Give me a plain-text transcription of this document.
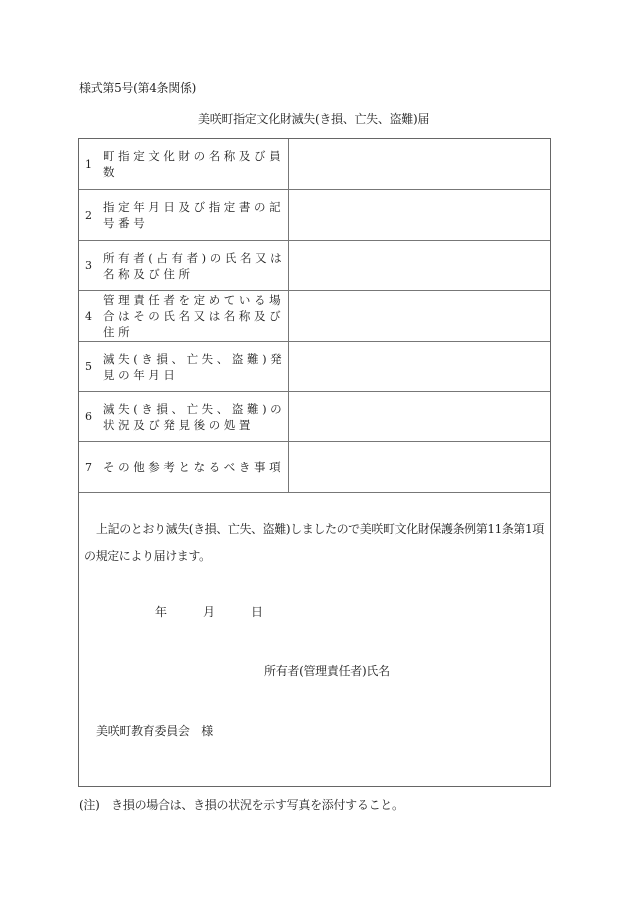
様式第5号(第4条関係)
美咲町指定文化財滅失(き損、亡失、盗難)届
1
町指定文化財の名称及び員数
2
指定年月日及び指定書の記号番号
3
所有者(占有者)の氏名又は名称及び住所
4
管理責任者を定めている場合はその氏名又は名称及び住所
5
滅失(き損、亡失、盗難)発見の年月日
6
滅失(き損、亡失、盗難)の状況及び発見後の処置
7 その他参考となるべき事項
上記のとおり滅失(き損、亡失、盗難)しましたので美咲町文化財保護条例第11条第1項
の規定により届けます。
年　　　月　　　日
所有者(管理責任者)氏名
美咲町教育委員会　様
(注)　き損の場合は、き損の状況を示す写真を添付すること。
